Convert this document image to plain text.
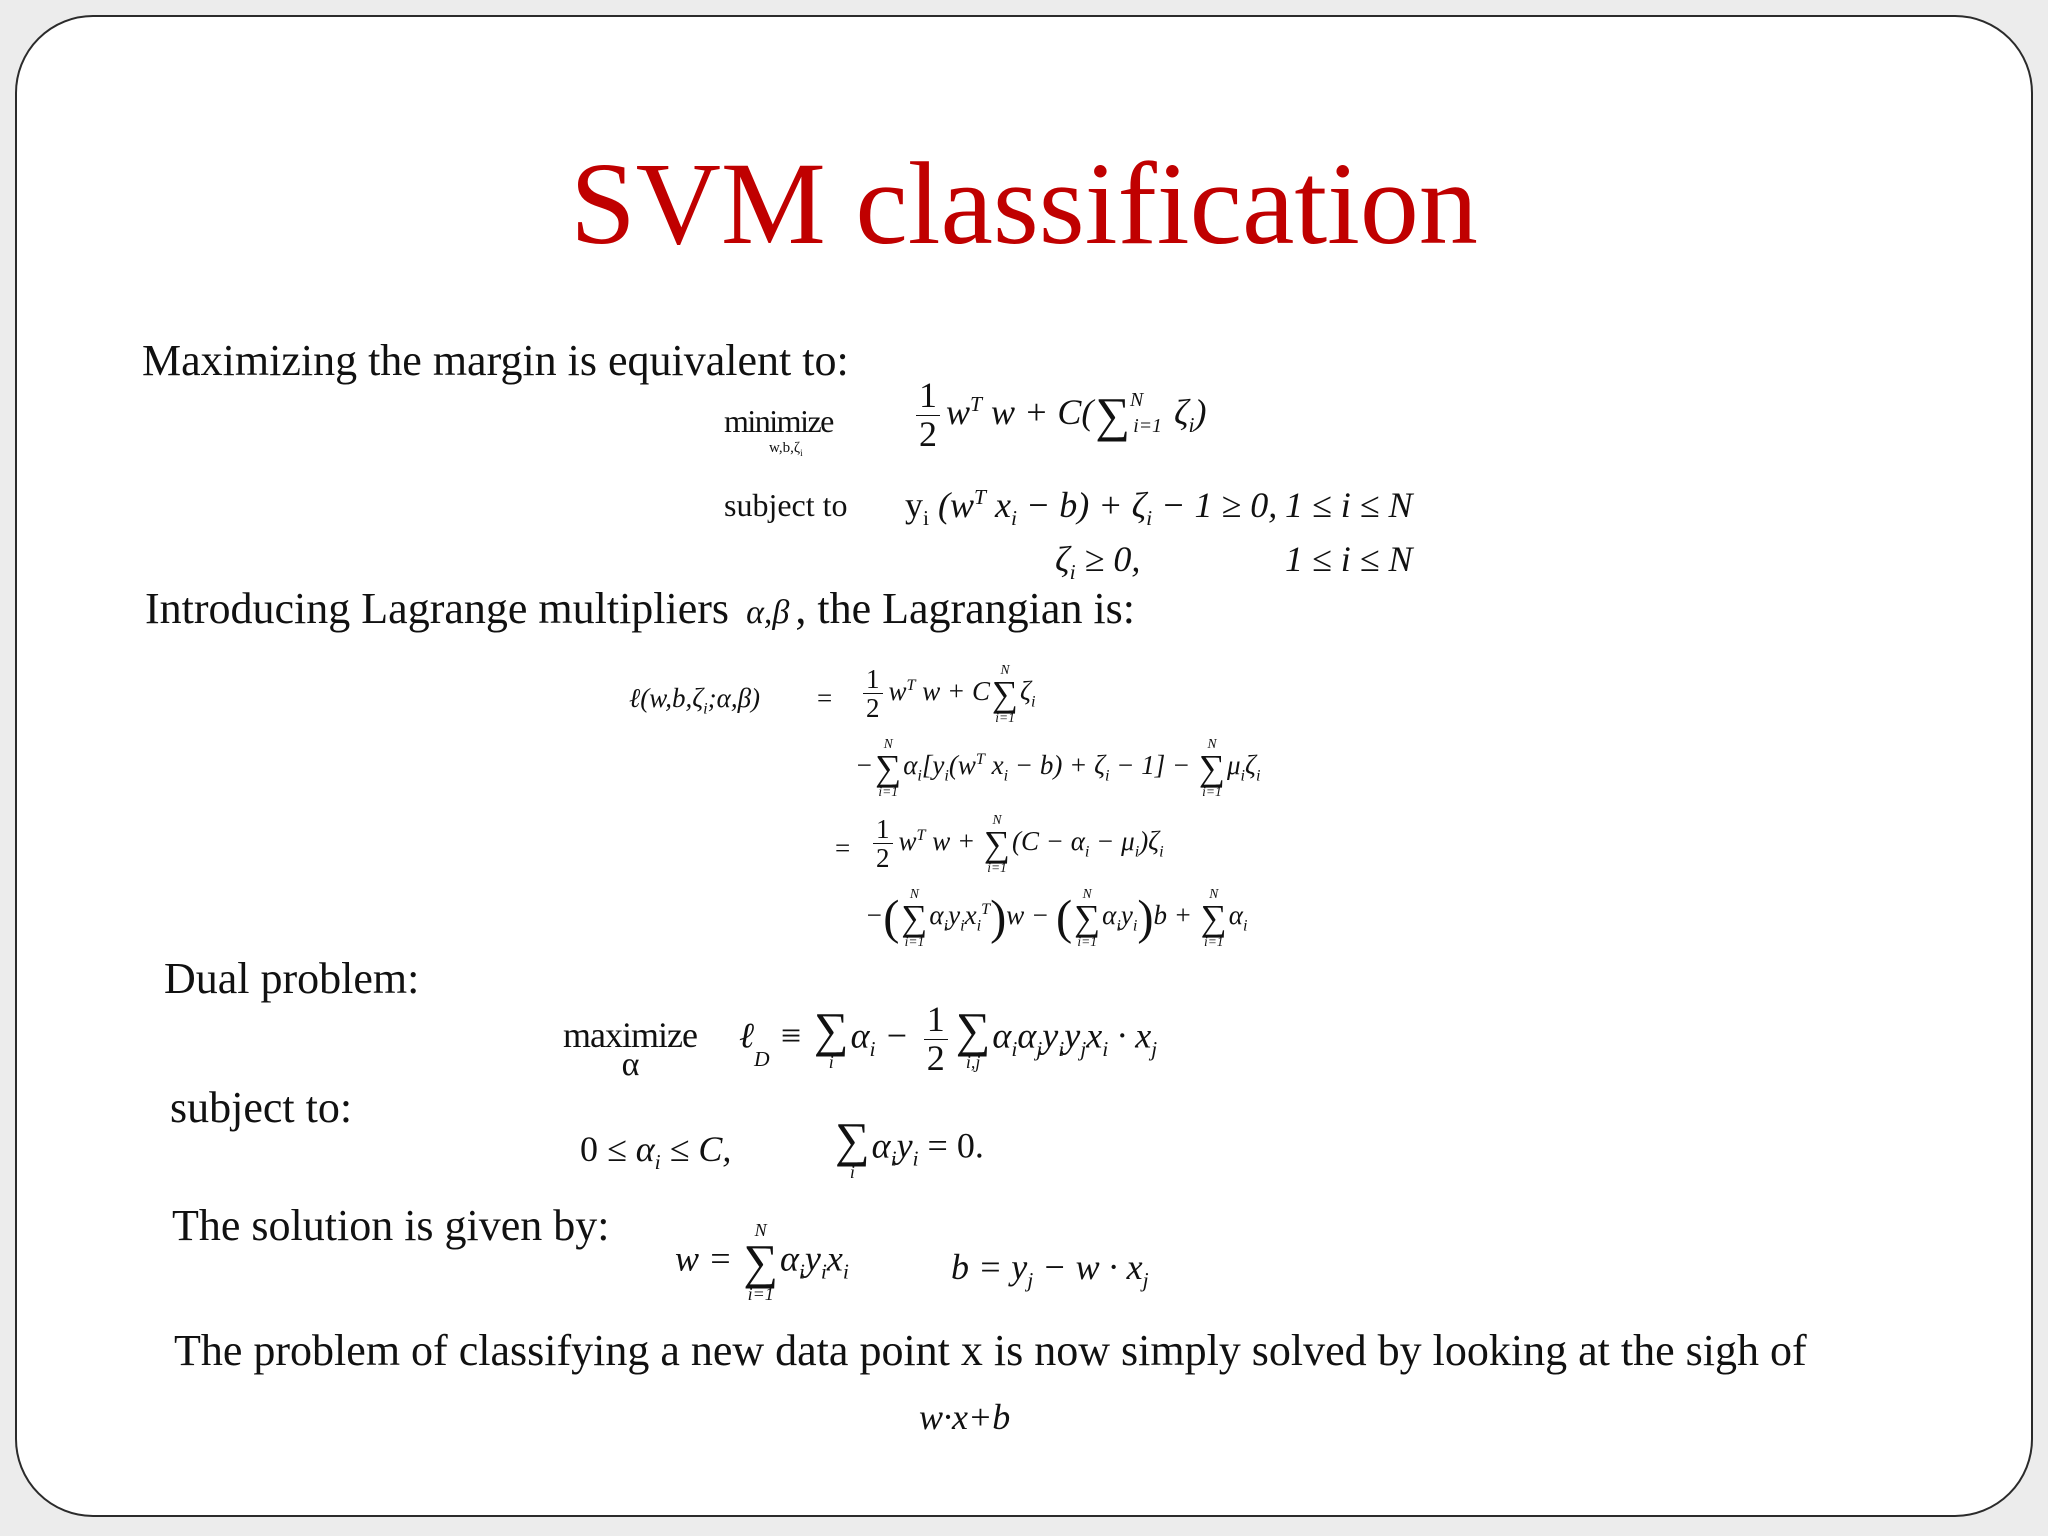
SVM classification
Maximizing the margin is equivalent to:
minimize
$w,b,\zeta_i$	$\frac{1}{2} w^T$ w + C( ∑ $^N_{i=1}$ $\zeta_i$)
subject to $y_i$ ($w^T$ $x_i - b) + \zeta_i - 1 \ge 0$, 1 ≤ i ≤ N
$\zeta_i \ge 0$,	1 ≤ i ≤ N
Introducing Lagrange multipliers α,β , the Lagrangian is:
$\ell(w,b,\zeta_i;\alpha,\beta) = \frac{1}{2} w^T$ w + C
N
∑
i=1
$\zeta_i$
−
N
∑
i=1
$\alpha_i[y_i(w^T$ $x_i - b) + \zeta_i - 1$] −
N
∑
i=1
$\mu_i\zeta_i$
= $\frac{1}{2} w^T$ w +
N
∑
i=1
$(C - \alpha_i - \mu_i)\zeta_i$
−( N
∑
i=1
$\alpha_iy_ix_i^T)w$ − ( N
∑
i=1
$\alpha_iy_i)b$ +
N
∑
i=1
$\alpha_i$
Dual problem:
maximize
α
ℓ$_D$ ≡ ∑
i
$\alpha_i - \frac{1}{2}$ ∑
i,j
$\alpha_i\alpha_jy_iy_jx_i \cdot x_j$
subject to:
$0 \le \alpha_i \le C$, ∑
i
$\alpha_iy_i = 0$.
The solution is given by:
w =
N
∑
i=1
$\alpha_iy_ix_i$	$b = y_j - w \cdot x_j$
The problem of classifying a new data point x is now simply solved by looking at the sigh of
w·x+b
